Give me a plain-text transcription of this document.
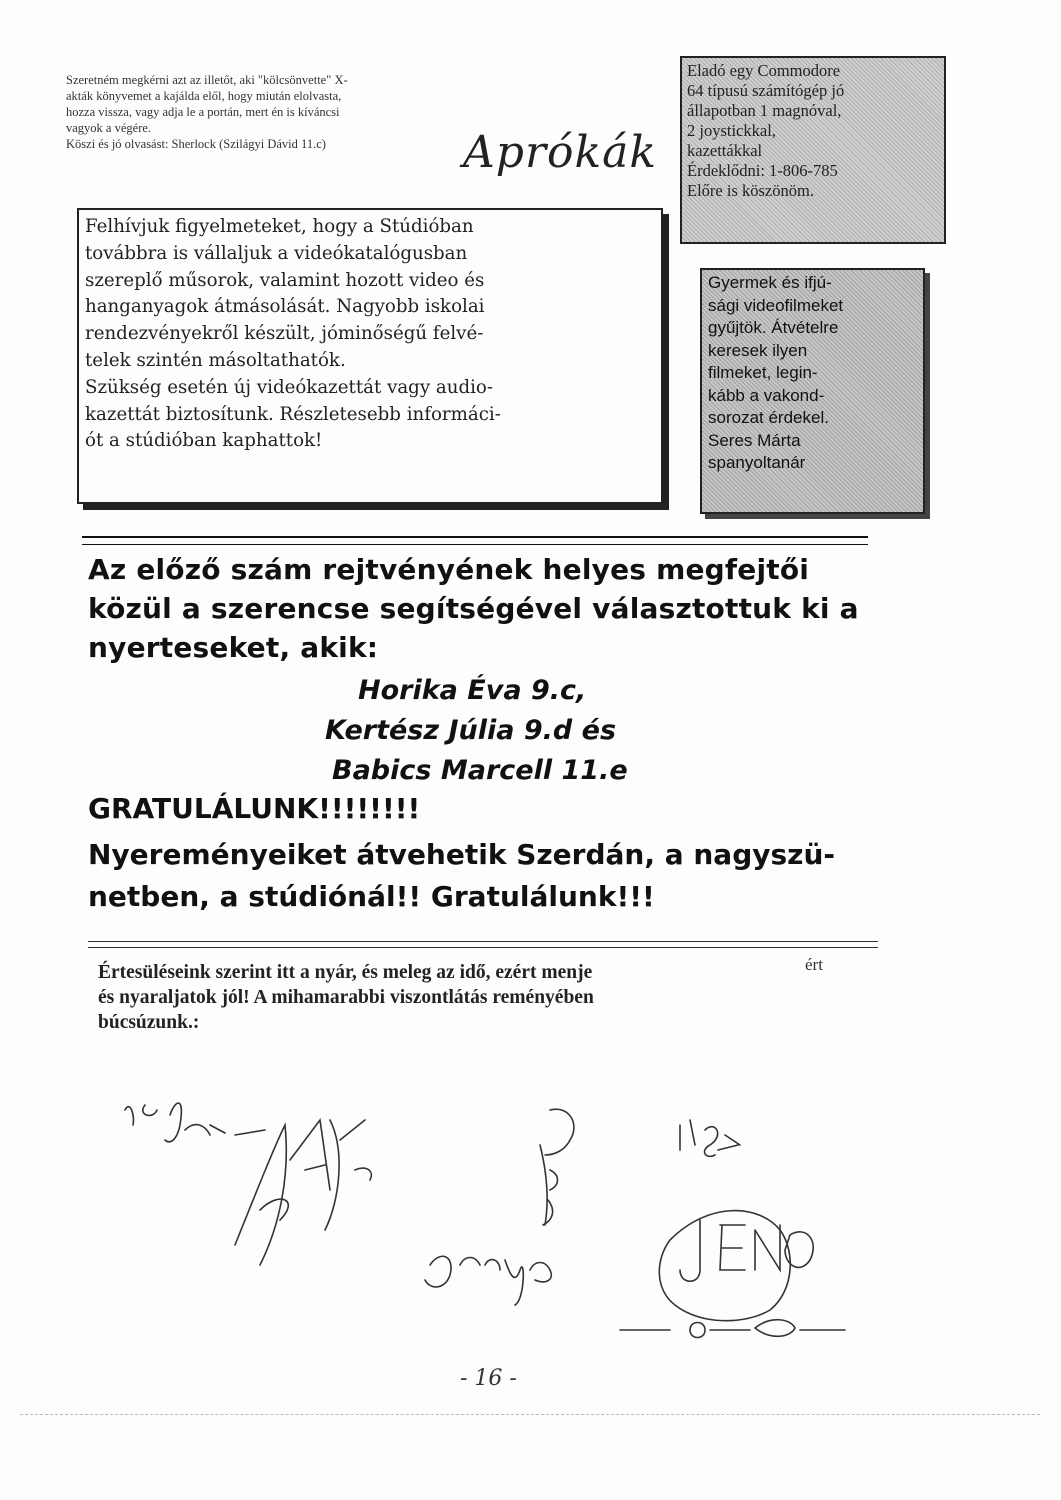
Szeretném megkérni azt az illetőt, aki "kölcsönvette" X-

akták könyvemet a kajálda elől, hogy miután elolvasta,

hozza vissza, vagy adja le a portán, mert én is kíváncsi

vagyok a végére.

Köszi és jó olvasást: Sherlock (Szilágyi Dávid 11.c)	Aprókák

Felhívjuk figyelmeteket, hogy a Stúdióban

továbbra is vállaljuk a videókatalógusban

szereplő műsorok, valamint hozott video és

hanganyagok átmásolását. Nagyobb iskolai

rendezvényekről készült, jóminőségű felvé-

telek szintén másoltathatók.

Szükség esetén új videókazettát vagy audio-

kazettát biztosítunk. Részletesebb informáci-

ót a stúdióban kaphattok!

Eladó egy Commodore
64 típusú számítógép jó
állapotban 1 magnóval,
2 joystickkal,
kazettákkal
Érdeklődni: 1-806-785
Előre is köszönöm.
Gyermek és ifjú-
sági videofilmeket
gyűjtök. Átvételre
keresek ilyen
filmeket, legin-
kább a vakond-
sorozat érdekel.
Seres Márta
spanyoltanár

Az előző szám rejtvényének helyes megfejtői

közül a szerencse segítségével választottuk ki a

nyerteseket, akik:

Horika Éva 9.c,
Kertész Júlia 9.d és
Babics Marcell 11.e
GRATULÁLUNK!!!!!!!!
Nyereményeiket átvehetik Szerdán, a nagyszü-
netben, a stúdiónál!! Gratulálunk!!!
Értesüléseink szerint itt a nyár, és meleg az idő, ezért menje
és nyaraljatok jól! A mihamarabbi viszontlátás reményében
búcsúzunk.:
ért
- 16 -
